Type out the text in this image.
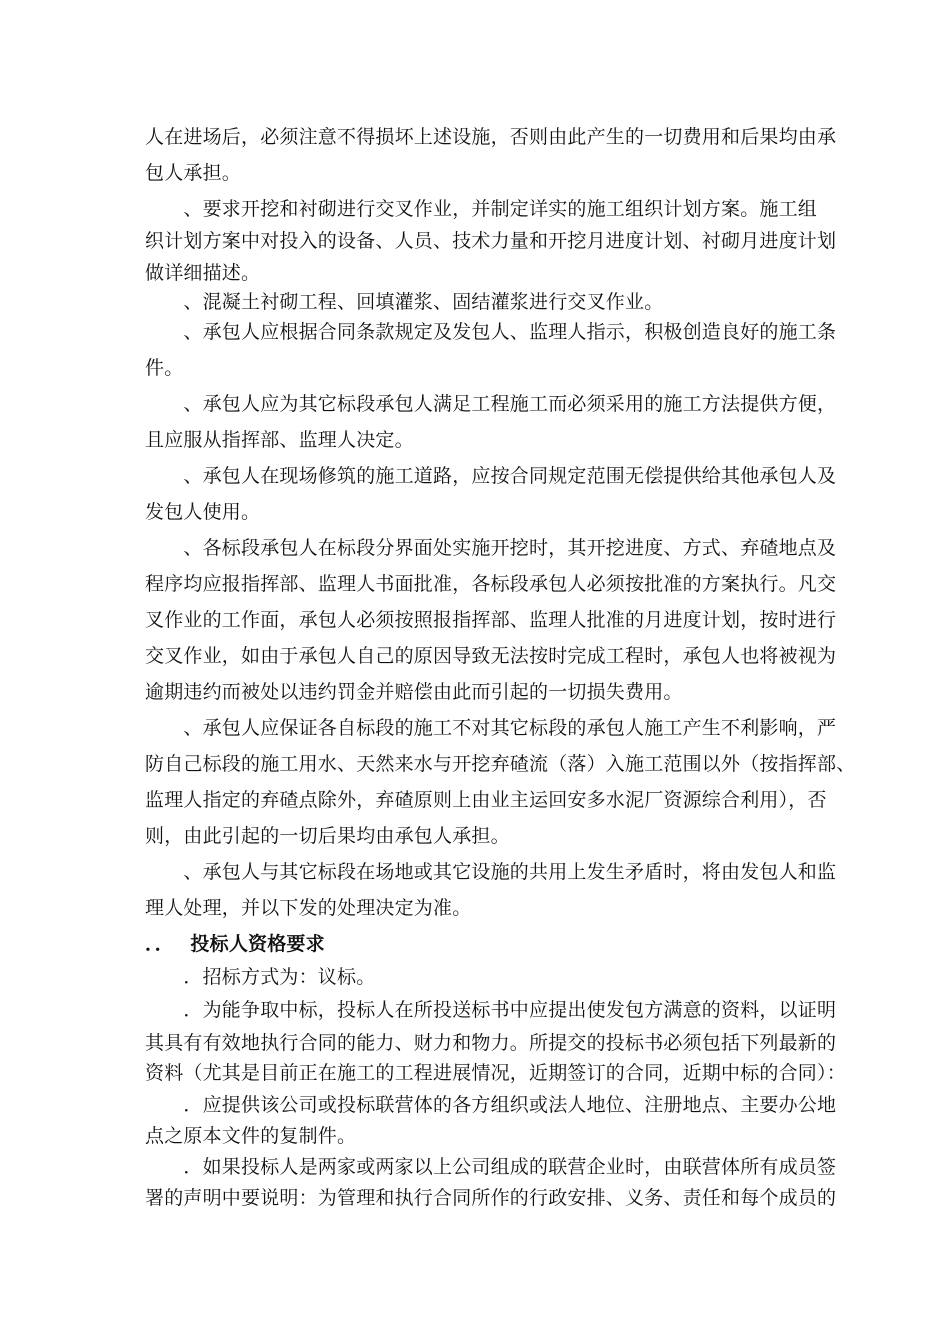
人在进场后，必须注意不得损坏上述设施，否则由此产生的一切费用和后果均由承
包人承担。
　　、要求开挖和衬砌进行交叉作业，并制定详实的施工组织计划方案。施工组
织计划方案中对投入的设备、人员、技术力量和开挖月进度计划、衬砌月进度计划
做详细描述。
　　、混凝土衬砌工程、回填灌浆、固结灌浆进行交叉作业。
　　、承包人应根据合同条款规定及发包人、监理人指示，积极创造良好的施工条
件。
　　、承包人应为其它标段承包人满足工程施工而必须采用的施工方法提供方便，
且应服从指挥部、监理人决定。
　　、承包人在现场修筑的施工道路，应按合同规定范围无偿提供给其他承包人及
发包人使用。
　　、各标段承包人在标段分界面处实施开挖时，其开挖进度、方式、弃碴地点及
程序均应报指挥部、监理人书面批准，各标段承包人必须按批准的方案执行。凡交
叉作业的工作面，承包人必须按照报指挥部、监理人批准的月进度计划，按时进行
交叉作业，如由于承包人自己的原因导致无法按时完成工程时，承包人也将被视为
逾期违约而被处以违约罚金并赔偿由此而引起的一切损失费用。
　　、承包人应保证各自标段的施工不对其它标段的承包人施工产生不利影响，严
防自己标段的施工用水、天然来水与开挖弃碴流（落）入施工范围以外（按指挥部、
监理人指定的弃碴点除外，弃碴原则上由业主运回安多水泥厂资源综合利用），否
则，由此引起的一切后果均由承包人承担。
　　、承包人与其它标段在场地或其它设施的共用上发生矛盾时，将由发包人和监
理人处理，并以下发的处理决定为准。
．．　 投标人资格要求
　　．招标方式为：议标。
　　．为能争取中标，投标人在所投送标书中应提出使发包方满意的资料，以证明
其具有有效地执行合同的能力、财力和物力。所提交的投标书必须包括下列最新的
资料（尤其是目前正在施工的工程进展情况，近期签订的合同，近期中标的合同）：
　　．应提供该公司或投标联营体的各方组织或法人地位、注册地点、主要办公地
点之原本文件的复制件。
　　．如果投标人是两家或两家以上公司组成的联营企业时，由联营体所有成员签
署的声明中要说明：为管理和执行合同所作的行政安排、义务、责任和每个成员的
